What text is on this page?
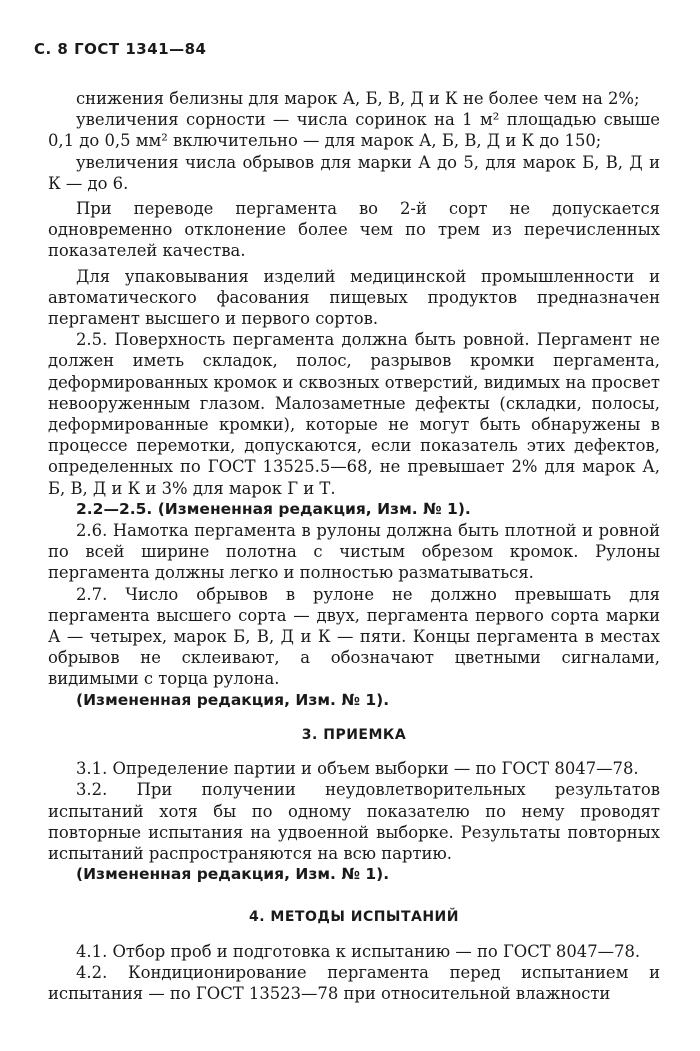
С. 8 ГОСТ 1341—84

снижения белизны для марок А, Б, В, Д и К не более чем на 2%;

увеличения сорности — числа соринок на 1 м² площадью свыше 0,1 до 0,5 мм² включительно — для марок А, Б, В, Д и К до 150;

увеличения числа обрывов для марки А до 5, для марок Б, В, Д и К — до 6.

При переводе пергамента во 2-й сорт не допускается одновременно отклонение более чем по трем из перечисленных показателей качества.

Для упаковывания изделий медицинской промышленности и автоматического фасования пищевых продуктов предназначен пергамент высшего и первого сортов.

2.5. Поверхность пергамента должна быть ровной. Пергамент не должен иметь складок, полос, разрывов кромки пергамента, деформированных кромок и сквозных отверстий, видимых на просвет невооруженным глазом. Малозаметные дефекты (складки, полосы, деформированные кромки), которые не могут быть обнаружены в процессе перемотки, допускаются, если показатель этих дефектов, определенных по ГОСТ 13525.5—68, не превышает 2% для марок А, Б, В, Д и К и 3% для марок Г и Т.

2.2—2.5. (Измененная редакция, Изм. № 1).

2.6. Намотка пергамента в рулоны должна быть плотной и ровной по всей ширине полотна с чистым обрезом кромок. Рулоны пергамента должны легко и полностью разматываться.

2.7. Число обрывов в рулоне не должно превышать для пергамента высшего сорта — двух, пергамента первого сорта марки А — четырех, марок Б, В, Д и К — пяти. Концы пергамента в местах обрывов не склеивают, а обозначают цветными сигналами, видимыми с торца рулона.

(Измененная редакция, Изм. № 1).

3. ПРИЕМКА

3.1. Определение партии и объем выборки — по ГОСТ 8047—78.

3.2. При получении неудовлетворительных результатов испытаний хотя бы по одному показателю по нему проводят повторные испытания на удвоенной выборке. Результаты повторных испытаний распространяются на всю партию.

(Измененная редакция, Изм. № 1).

4. МЕТОДЫ ИСПЫТАНИЙ

4.1. Отбор проб и подготовка к испытанию — по ГОСТ 8047—78.

4.2. Кондиционирование пергамента перед испытанием и испытания — по ГОСТ 13523—78 при относительной влажности
